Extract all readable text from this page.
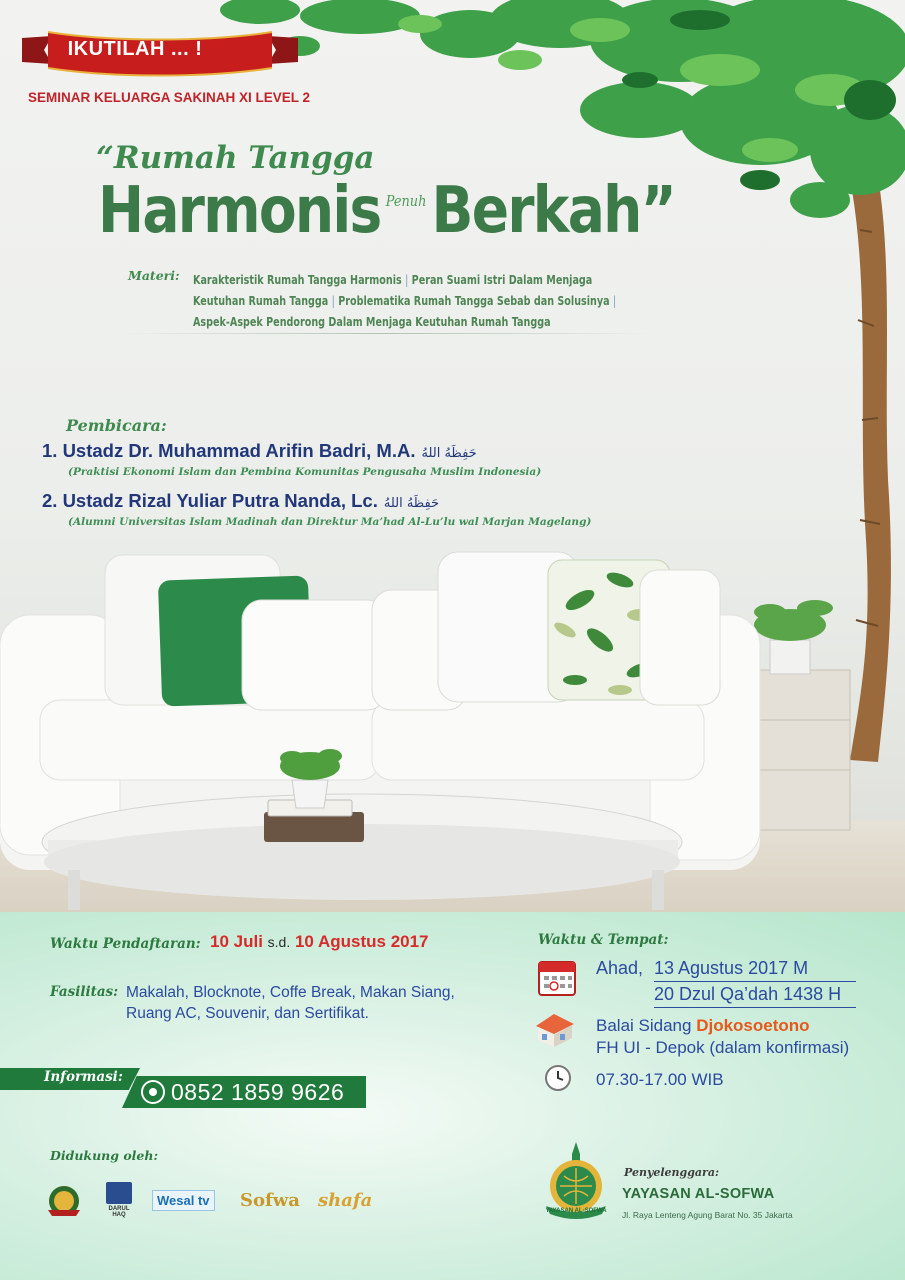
IKUTILAH ... !
SEMINAR KELUARGA SAKINAH XI LEVEL 2
“Rumah Tangga
Harmonis $^{Penuh}$Berkah”
Materi: Karakteristik Rumah Tangga Harmonis | Peran Suami Istri Dalam Menjaga
Keutuhan Rumah Tangga | Problematika Rumah Tangga Sebab dan Solusinya |
Aspek-Aspek Pendorong Dalam Menjaga Keutuhan Rumah Tangga
Pembicara:
1. Ustadz Dr. Muhammad Arifin Badri, M.A. حَفِظَهُ اللهُ
(Praktisi Ekonomi Islam dan Pembina Komunitas Pengusaha Muslim Indonesia)
2. Ustadz Rizal Yuliar Putra Nanda, Lc. حَفِظَهُ اللهُ
(Alumni Universitas Islam Madinah dan Direktur Ma’had Al-Lu’lu wal Marjan Magelang)
Waktu Pendaftaran: 10 Juli s.d. 10 Agustus 2017
Fasilitas: Makalah, Blocknote, Coffe Break, Makan Siang,
Ruang AC, Souvenir, dan Sertifikat.
Informasi:
0852 1859 9626
Didukung oleh:
DARUL HAQ
Wesal tv Sofwa shafa
Waktu & Tempat:
Ahad, 13 Agustus 2017 M
20 Dzul Qa’dah 1438 H
Balai Sidang Djokosoetono
FH UI - Depok (dalam konfirmasi)
07.30-17.00 WIB
YAYASAN AL-SOFWA
Penyelenggara:
YAYASAN AL-SOFWA
Jl. Raya Lenteng Agung Barat No. 35 Jakarta
